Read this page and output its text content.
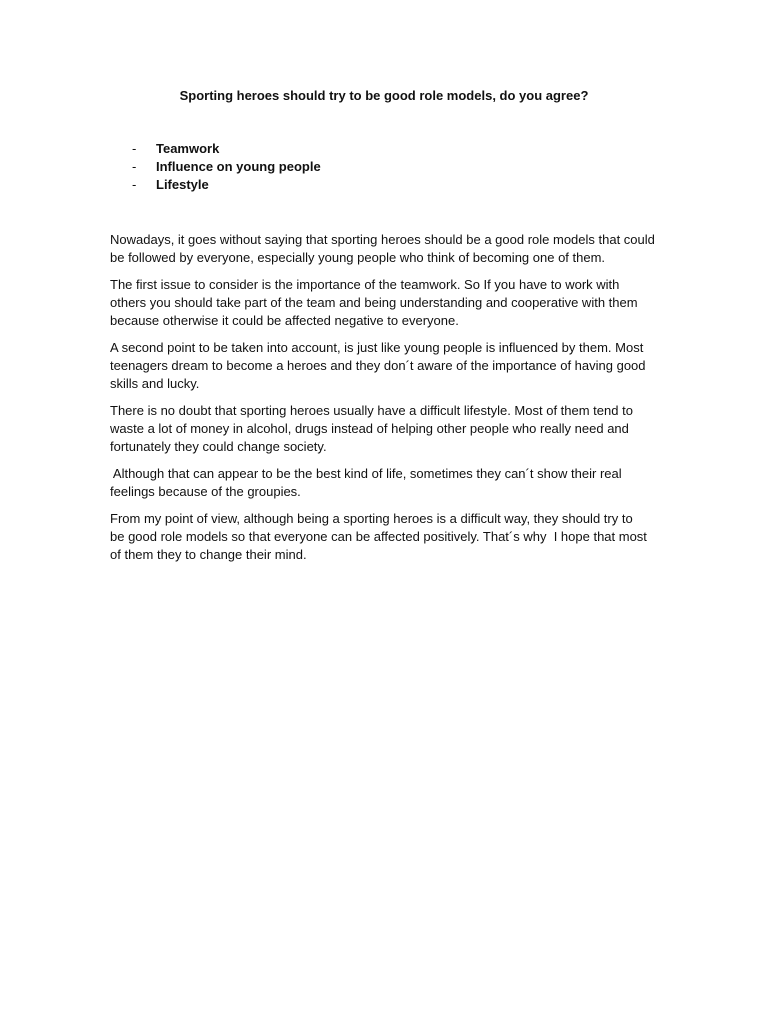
Sporting heroes should try to be good role models, do you agree?
-	Teamwork
-	Influence on young people
-	Lifestyle

Nowadays, it goes without saying that sporting heroes should be a good role models that could
be followed by everyone, especially young people who think of becoming one of them.

The first issue to consider is the importance of the teamwork. So If you have to work with
others you should take part of the team and being understanding and cooperative with them
because otherwise it could be affected negative to everyone.

A second point to be taken into account, is just like young people is influenced by them. Most
teenagers dream to become a heroes and they don´t aware of the importance of having good
skills and lucky.

There is no doubt that sporting heroes usually have a difficult lifestyle. Most of them tend to
waste a lot of money in alcohol, drugs instead of helping other people who really need and
fortunately they could change society.

Although that can appear to be the best kind of life, sometimes they can´t show their real
feelings because of the groupies.

From my point of view, although being a sporting heroes is a difficult way, they should try to
be good role models so that everyone can be affected positively. That´s why  I hope that most
of them they to change their mind.
